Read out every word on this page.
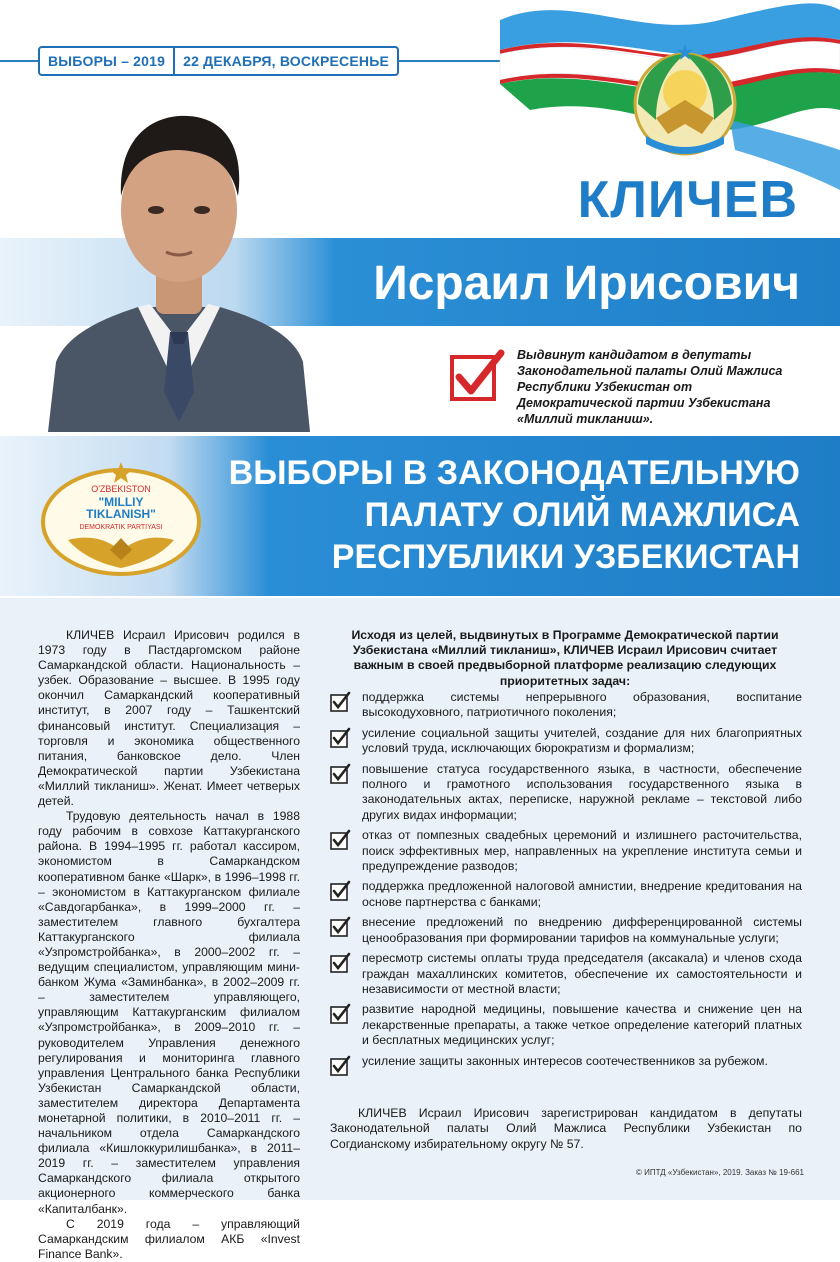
ВЫБОРЫ – 2019	22 ДЕКАБРЯ, ВОСКРЕСЕНЬЕ
КЛИЧЕВ
Исраил Ирисович
Выдвинут кандидатом в депутаты Законодательной палаты Олий Мажлиса Республики Узбекистан от Демократической партии Узбекистана «Миллий тикланиш».
O'ZBEKISTON
"MILLIY
TIKLANISH"
DEMOKRATIK PARTIYASI
ВЫБОРЫ В ЗАКОНОДАТЕЛЬНУЮ
ПАЛАТУ ОЛИЙ МАЖЛИСА
РЕСПУБЛИКИ УЗБЕКИСТАН

КЛИЧЕВ Исраил Ирисович родился в 1973 году в Пастдаргомском районе Самаркандской области. Национальность – узбек. Образование – высшее. В 1995 году окончил Самаркандский кооперативный институт, в 2007 году – Ташкентский финансовый институт. Специализация – торговля и экономика общественного питания, банковское дело. Член Демократической партии Узбекистана «Миллий тикланиш». Женат. Имеет четверых детей.

Трудовую деятельность начал в 1988 году рабочим в совхозе Каттакурганского района. В 1994–1995 гг. работал кассиром, экономистом в Самаркандском кооперативном банке «Шарк», в 1996–1998 гг. – экономистом в Каттакурганском филиале «Савдогарбанка», в 1999–2000 гг. – заместителем главного бухгалтера Каттакурганского филиала «Узпромстройбанка», в 2000–2002 гг. – ведущим специалистом, управляющим мини-банком Жума «Заминбанка», в 2002–2009 гг. – заместителем управляющего, управляющим Каттакурганским филиалом «Узпромстройбанка», в 2009–2010 гг. – руководителем Управления денежного регулирования и мониторинга главного управления Центрального банка Республики Узбекистан Самаркандской области, заместителем директора Департамента монетарной политики, в 2010–2011 гг. – начальником отдела Самаркандского филиала «Кишлоккурилишбанка», в 2011–2019 гг. – заместителем управления Самаркандского филиала открытого акционерного коммерческого банка «Капиталбанк».

С 2019 года – управляющий Самаркандским филиалом АКБ «Invest Finance Bank».

Исходя из целей, выдвинутых в Программе Демократической партии Узбекистана «Миллий тикланиш», КЛИЧЕВ Исраил Ирисович считает важным в своей предвыборной платформе реализацию следующих приоритетных задач:
поддержка системы непрерывного образования, воспитание высокодуховного, патриотичного поколения;
усиление социальной защиты учителей, создание для них благоприятных условий труда, исключающих бюрократизм и формализм;
повышение статуса государственного языка, в частности, обеспечение полного и грамотного использования государственного языка в законодательных актах, переписке, наружной рекламе – текстовой либо других видах информации;
отказ от помпезных свадебных церемоний и излишнего расточительства, поиск эффективных мер, направленных на укрепление института семьи и предупреждение разводов;
поддержка предложенной налоговой амнистии, внедрение кредитования на основе партнерства с банками;
внесение предложений по внедрению дифференцированной системы ценообразования при формировании тарифов на коммунальные услуги;
пересмотр системы оплаты труда председателя (аксакала) и членов схода граждан махаллинских комитетов, обеспечение их самостоятельности и независимости от местной власти;
развитие народной медицины, повышение качества и снижение цен на лекарственные препараты, а также четкое определение категорий платных и бесплатных медицинских услуг;
усиление защиты законных интересов соотечественников за рубежом.
КЛИЧЕВ Исраил Ирисович зарегистрирован кандидатом в депутаты Законодательной палаты Олий Мажлиса Республики Узбекистан по Согдианскому избирательному округу № 57.
© ИПТД «Узбекистан», 2019. Заказ № 19-661
